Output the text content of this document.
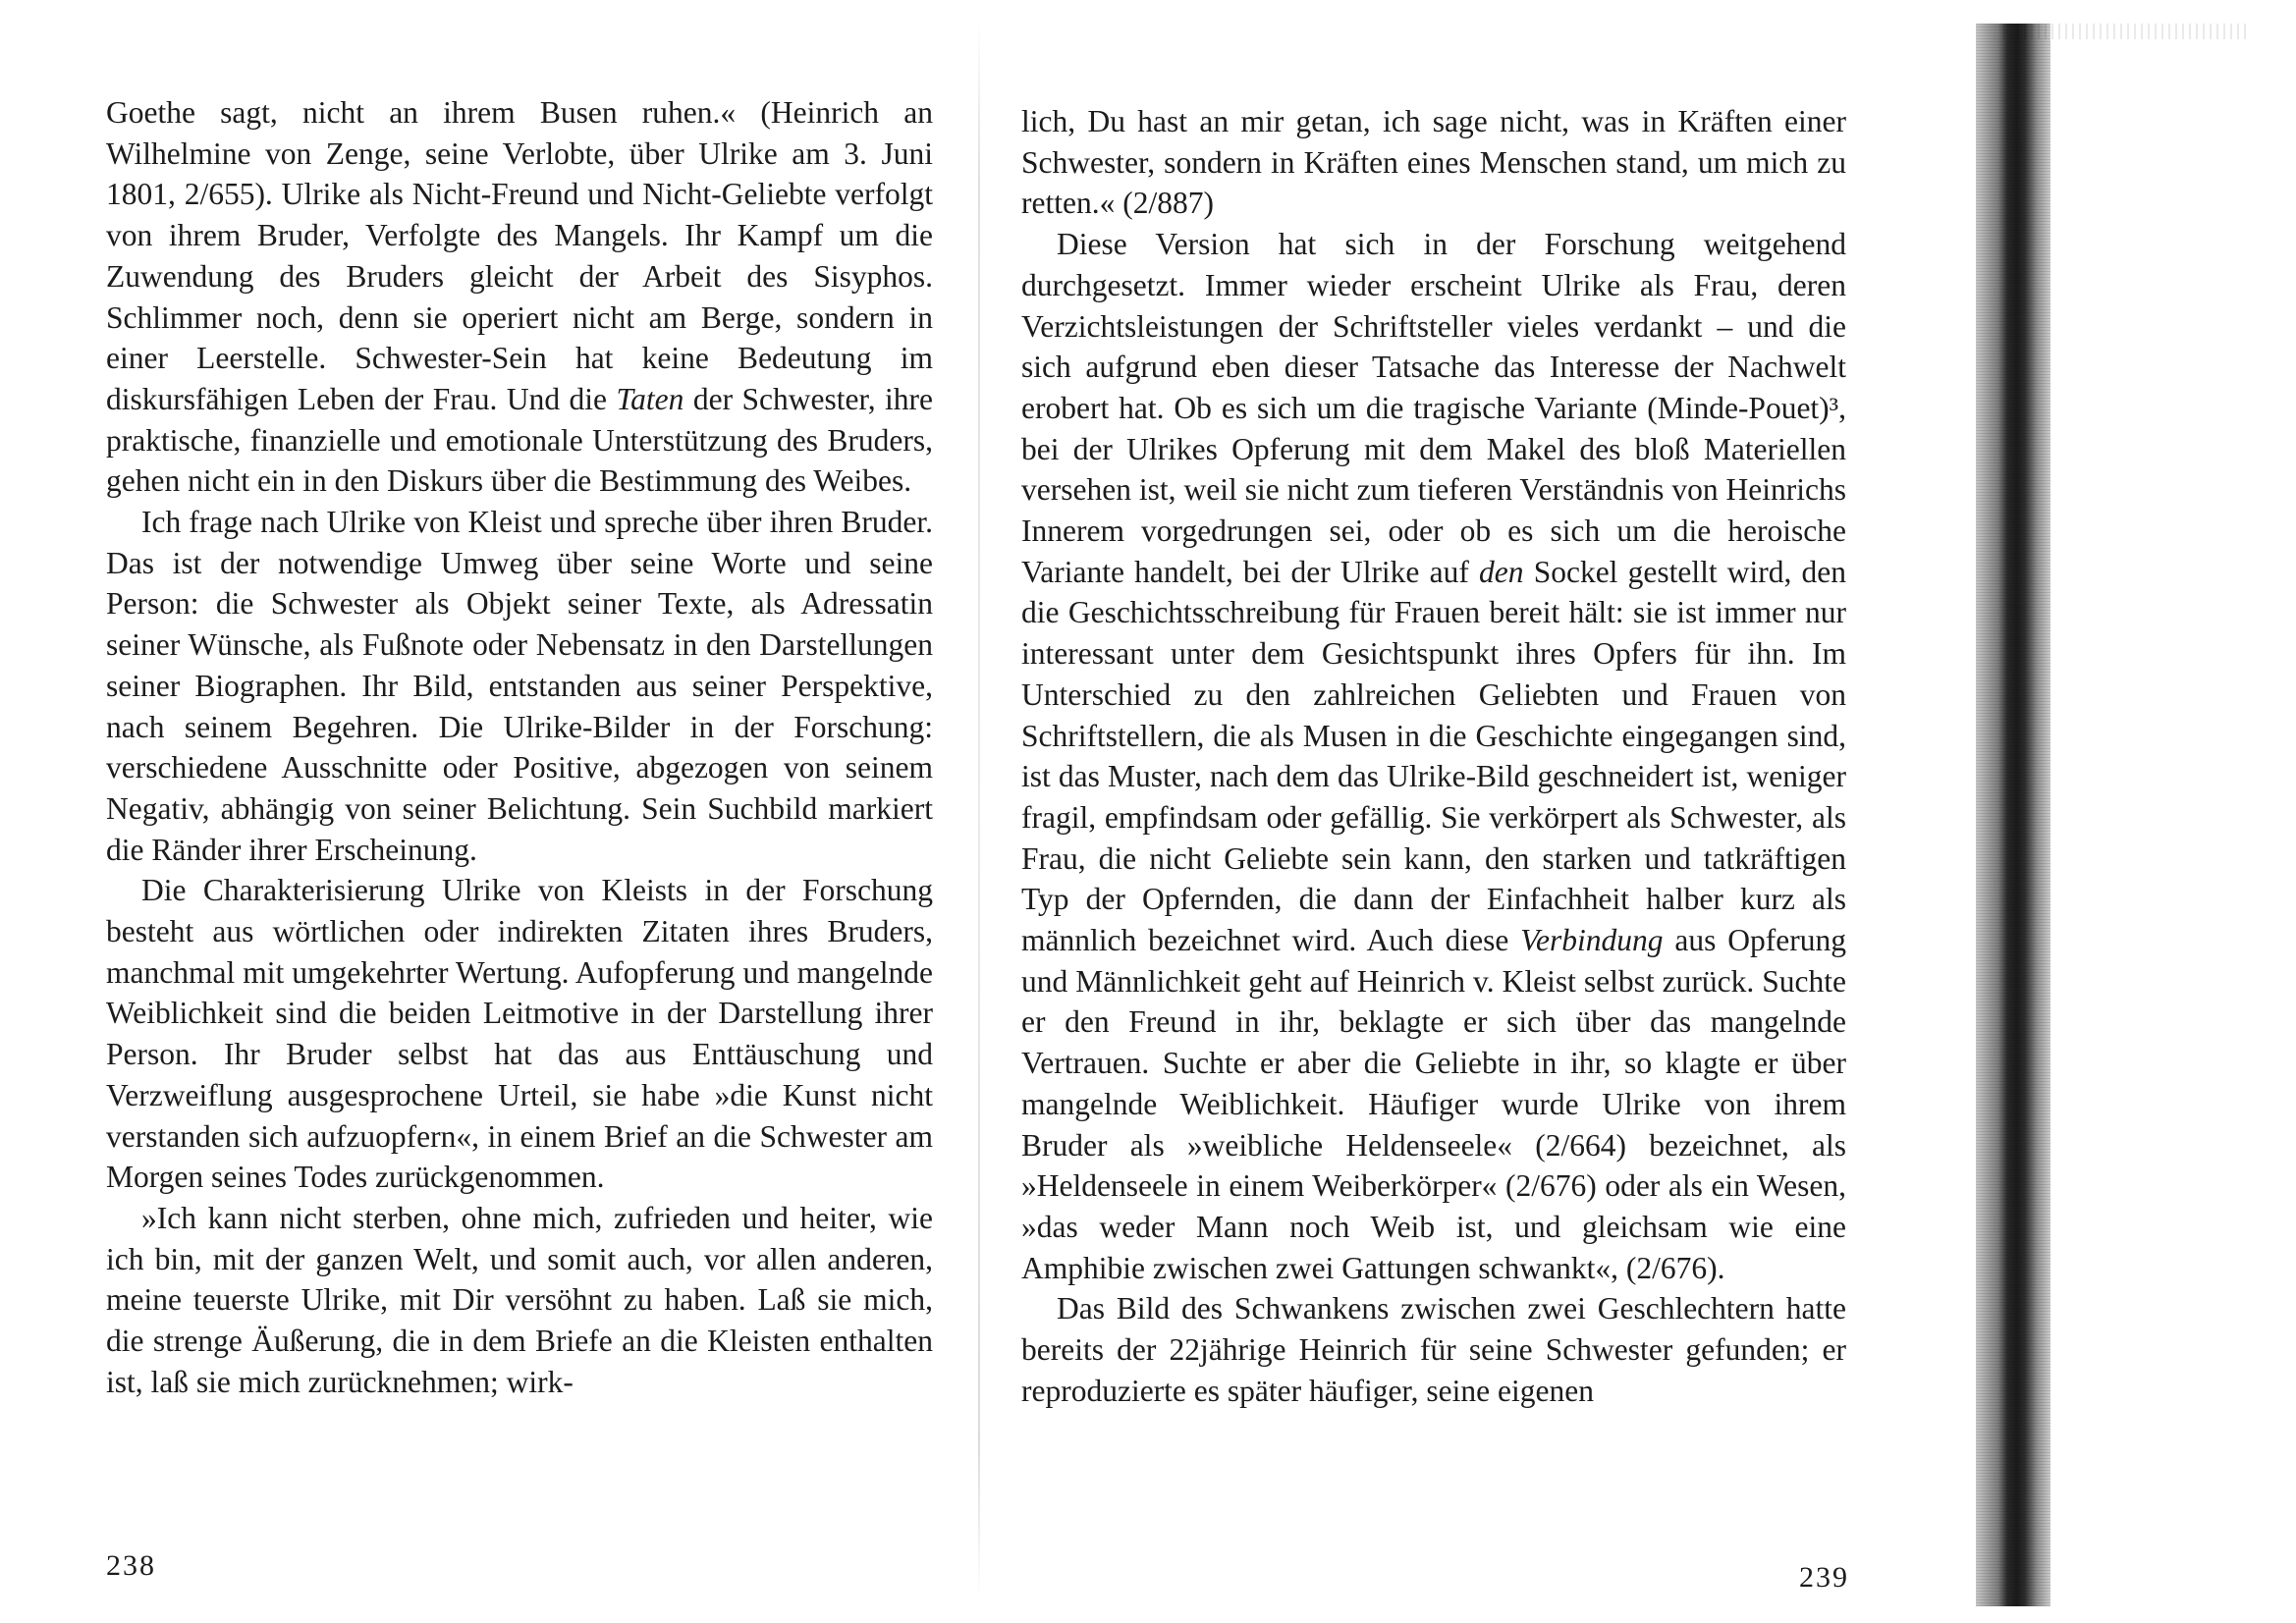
Goethe sagt, nicht an ihrem Busen ruhen.« (Heinrich an Wilhelmine von Zenge, seine Verlobte, über Ulrike am 3. Juni 1801, 2/655). Ulrike als Nicht-Freund und Nicht-Geliebte verfolgt von ihrem Bruder, Verfolgte des Mangels. Ihr Kampf um die Zuwendung des Bruders gleicht der Arbeit des Sisyphos. Schlimmer noch, denn sie operiert nicht am Berge, sondern in einer Leerstelle. Schwester-Sein hat keine Bedeutung im diskursfähigen Leben der Frau. Und die Taten der Schwester, ihre praktische, finanzielle und emotionale Unterstützung des Bruders, gehen nicht ein in den Diskurs über die Bestimmung des Weibes.

Ich frage nach Ulrike von Kleist und spreche über ihren Bruder. Das ist der notwendige Umweg über seine Worte und seine Person: die Schwester als Objekt seiner Texte, als Adressatin seiner Wünsche, als Fußnote oder Nebensatz in den Darstellungen seiner Biographen. Ihr Bild, entstanden aus seiner Perspektive, nach seinem Begehren. Die Ulrike-Bilder in der Forschung: verschiedene Ausschnitte oder Positive, abgezogen von seinem Negativ, abhängig von seiner Belichtung. Sein Suchbild markiert die Ränder ihrer Erscheinung.

Die Charakterisierung Ulrike von Kleists in der Forschung besteht aus wörtlichen oder indirekten Zitaten ihres Bruders, manchmal mit umgekehrter Wertung. Aufopferung und mangelnde Weiblichkeit sind die beiden Leitmotive in der Darstellung ihrer Person. Ihr Bruder selbst hat das aus Enttäuschung und Verzweiflung ausgesprochene Urteil, sie habe »die Kunst nicht verstanden sich aufzuopfern«, in einem Brief an die Schwester am Morgen seines Todes zurückgenommen.

»Ich kann nicht sterben, ohne mich, zufrieden und heiter, wie ich bin, mit der ganzen Welt, und somit auch, vor allen anderen, meine teuerste Ulrike, mit Dir versöhnt zu haben. Laß sie mich, die strenge Äußerung, die in dem Briefe an die Kleisten enthalten ist, laß sie mich zurücknehmen; wirk-

lich, Du hast an mir getan, ich sage nicht, was in Kräften einer Schwester, sondern in Kräften eines Menschen stand, um mich zu retten.« (2/887)

Diese Version hat sich in der Forschung weitgehend durchgesetzt. Immer wieder erscheint Ulrike als Frau, deren Verzichtsleistungen der Schriftsteller vieles verdankt – und die sich aufgrund eben dieser Tatsache das Interesse der Nachwelt erobert hat. Ob es sich um die tragische Variante (Minde-Pouet)³, bei der Ulrikes Opferung mit dem Makel des bloß Materiellen versehen ist, weil sie nicht zum tieferen Verständnis von Heinrichs Innerem vorgedrungen sei, oder ob es sich um die heroische Variante handelt, bei der Ulrike auf den Sockel gestellt wird, den die Geschichtsschreibung für Frauen bereit hält: sie ist immer nur interessant unter dem Gesichtspunkt ihres Opfers für ihn. Im Unterschied zu den zahlreichen Geliebten und Frauen von Schriftstellern, die als Musen in die Geschichte eingegangen sind, ist das Muster, nach dem das Ulrike-Bild geschneidert ist, weniger fragil, empfindsam oder gefällig. Sie verkörpert als Schwester, als Frau, die nicht Geliebte sein kann, den starken und tatkräftigen Typ der Opfernden, die dann der Einfachheit halber kurz als männlich bezeichnet wird. Auch diese Verbindung aus Opferung und Männlichkeit geht auf Heinrich v. Kleist selbst zurück. Suchte er den Freund in ihr, beklagte er sich über das mangelnde Vertrauen. Suchte er aber die Geliebte in ihr, so klagte er über mangelnde Weiblichkeit. Häufiger wurde Ulrike von ihrem Bruder als »weibliche Heldenseele« (2/664) bezeichnet, als »Heldenseele in einem Weiberkörper« (2/676) oder als ein Wesen, »das weder Mann noch Weib ist, und gleichsam wie eine Amphibie zwischen zwei Gattungen schwankt«, (2/676).

Das Bild des Schwankens zwischen zwei Geschlechtern hatte bereits der 22jährige Heinrich für seine Schwester gefunden; er reproduzierte es später häufiger, seine eigenen

238	239
